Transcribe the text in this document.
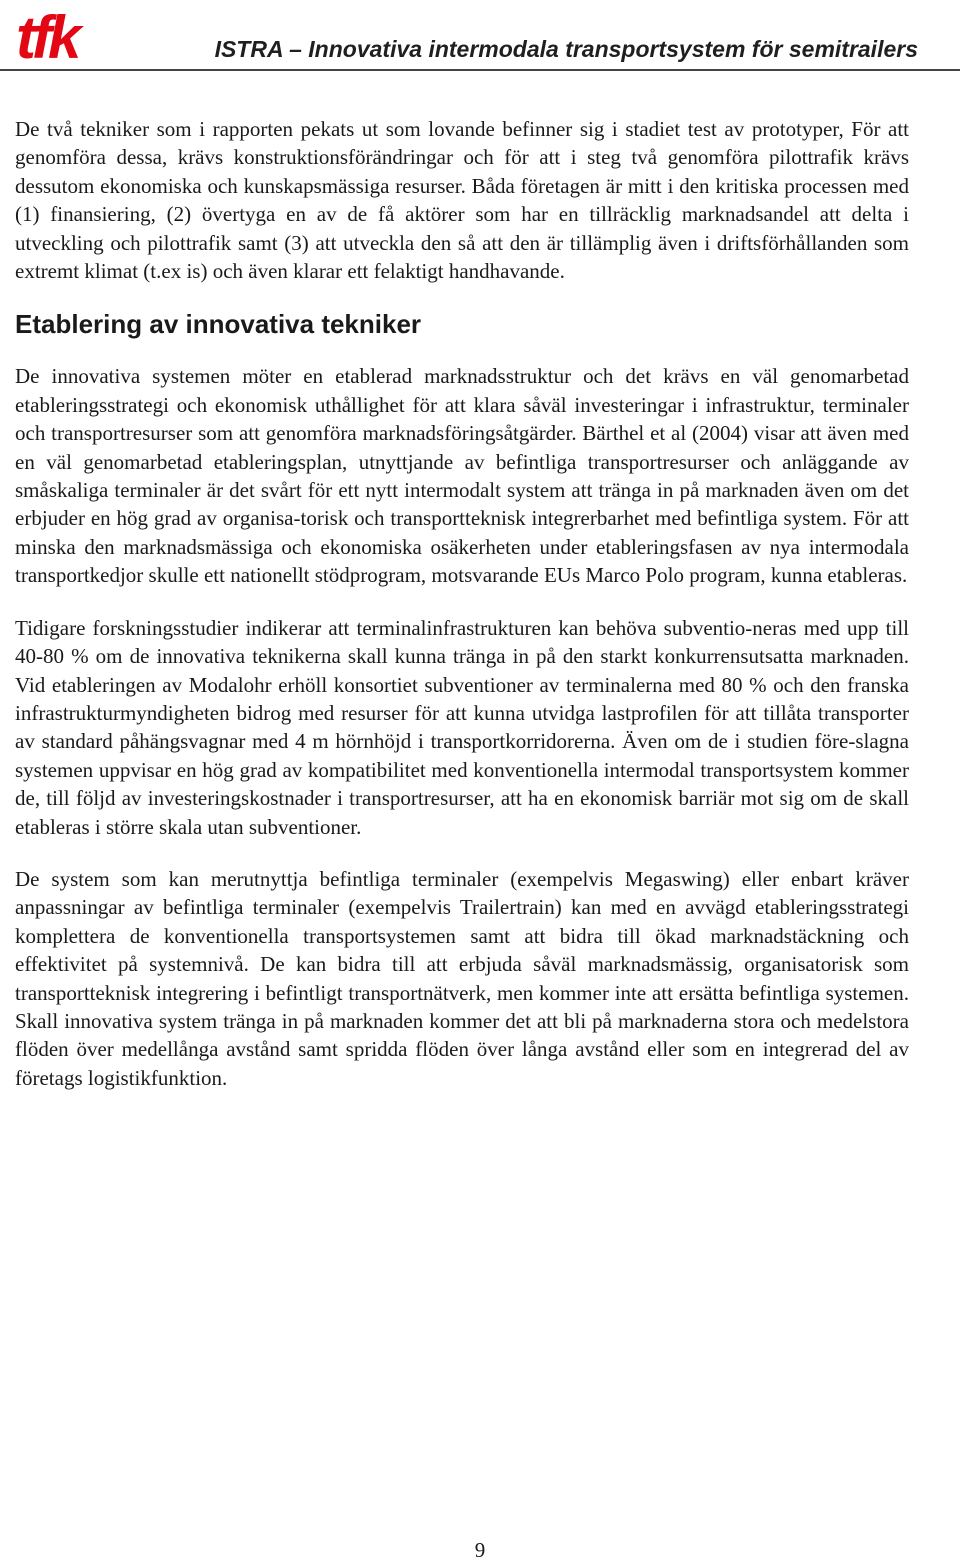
tfk	ISTRA – Innovativa intermodala transportsystem för semitrailers

De två tekniker som i rapporten pekats ut som lovande befinner sig i stadiet test av prototyper, För att genomföra dessa, krävs konstruktionsförändringar och för att i steg två genomföra pilottrafik krävs dessutom ekonomiska och kunskapsmässiga resurser. Båda företagen är mitt i den kritiska processen med (1) finansiering, (2) övertyga en av de få aktörer som har en tillräcklig marknadsandel att delta i utveckling och pilottrafik samt (3) att utveckla den så att den är tillämplig även i driftsförhållanden som extremt klimat (t.ex is) och även klarar ett felaktigt handhavande.

Etablering av innovativa tekniker

De innovativa systemen möter en etablerad marknadsstruktur och det krävs en väl genomarbetad etableringsstrategi och ekonomisk uthållighet för att klara såväl investeringar i infrastruktur, terminaler och transportresurser som att genomföra marknadsföringsåtgärder. Bärthel et al (2004) visar att även med en väl genomarbetad etableringsplan, utnyttjande av befintliga transportresurser och anläggande av småskaliga terminaler är det svårt för ett nytt intermodalt system att tränga in på marknaden även om det erbjuder en hög grad av organisa-torisk och transportteknisk integrerbarhet med befintliga system. För att minska den marknadsmässiga och ekonomiska osäkerheten under etableringsfasen av nya intermodala transportkedjor skulle ett nationellt stödprogram, motsvarande EUs Marco Polo program, kunna etableras.

Tidigare forskningsstudier indikerar att terminalinfrastrukturen kan behöva subventio-neras med upp till 40-80 % om de innovativa teknikerna skall kunna tränga in på den starkt konkurrensutsatta marknaden. Vid etableringen av Modalohr erhöll konsortiet subventioner av terminalerna med 80 % och den franska infrastrukturmyndigheten bidrog med resurser för att kunna utvidga lastprofilen för att tillåta transporter av standard påhängsvagnar med 4 m hörnhöjd i transportkorridorerna. Även om de i studien före-slagna systemen uppvisar en hög grad av kompatibilitet med konventionella intermodal transportsystem kommer de, till följd av investeringskostnader i transportresurser, att ha en ekonomisk barriär mot sig om de skall etableras i större skala utan subventioner.

De system som kan merutnyttja befintliga terminaler (exempelvis Megaswing) eller enbart kräver anpassningar av befintliga terminaler (exempelvis Trailertrain) kan med en avvägd etableringsstrategi komplettera de konventionella transportsystemen samt att bidra till ökad marknadstäckning och effektivitet på systemnivå. De kan bidra till att erbjuda såväl marknadsmässig, organisatorisk som transportteknisk integrering i befintligt transportnätverk, men kommer inte att ersätta befintliga systemen. Skall innovativa system tränga in på marknaden kommer det att bli på marknaderna stora och medelstora flöden över medellånga avstånd samt spridda flöden över långa avstånd eller som en integrerad del av företags logistikfunktion.

9
